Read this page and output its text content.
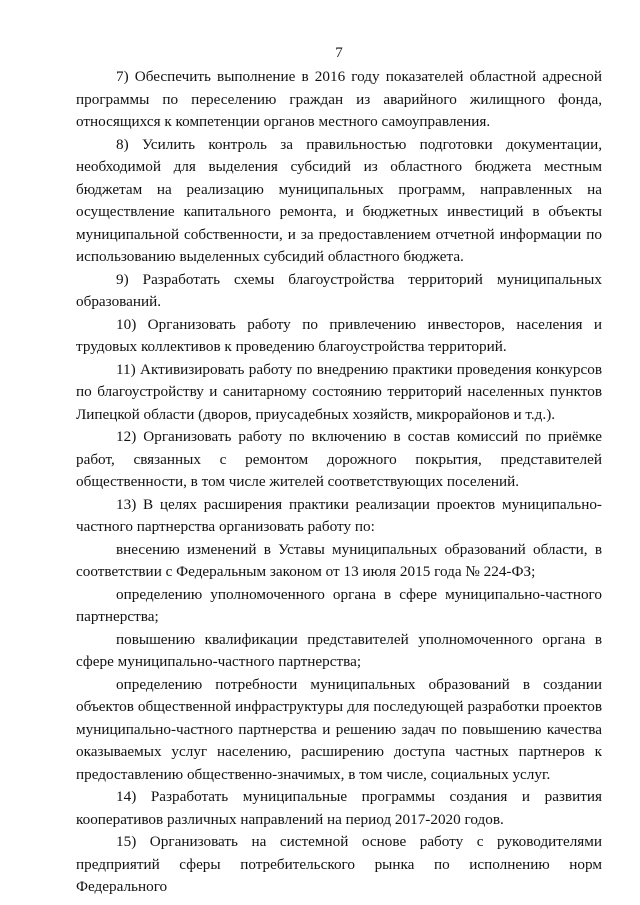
7

7) Обеспечить выполнение в 2016 году показателей областной адресной программы по переселению граждан из аварийного жилищного фонда, относящихся к компетенции органов местного самоуправления.

8) Усилить контроль за правильностью подготовки документации, необходимой для выделения субсидий из областного бюджета местным бюджетам на реализацию муниципальных программ, направленных на осуществление капитального ремонта, и бюджетных инвестиций в объекты муниципальной собственности, и за предоставлением отчетной информации по использованию выделенных субсидий областного бюджета.

9) Разработать схемы благоустройства территорий муниципальных образований.

10) Организовать работу по привлечению инвесторов, населения и трудовых коллективов к проведению благоустройства территорий.

11) Активизировать работу по внедрению практики проведения конкурсов по благоустройству и санитарному состоянию территорий населенных пунктов Липецкой области (дворов, приусадебных хозяйств, микрорайонов и т.д.).

12) Организовать работу по включению в состав комиссий по приёмке работ, связанных с ремонтом дорожного покрытия, представителей общественности, в том числе жителей соответствующих поселений.

13) В целях расширения практики реализации проектов муниципально-частного партнерства организовать работу по:

внесению изменений в Уставы муниципальных образований области, в соответствии с Федеральным законом от 13 июля 2015 года № 224-ФЗ;

определению уполномоченного органа в сфере муниципально-частного партнерства;

повышению квалификации представителей уполномоченного органа в сфере муниципально-частного партнерства;

определению потребности муниципальных образований в создании объектов общественной инфраструктуры для последующей разработки проектов муниципально-частного партнерства и решению задач по повышению качества оказываемых услуг населению, расширению доступа частных партнеров к предоставлению общественно-значимых, в том числе, социальных услуг.

14) Разработать муниципальные программы создания и развития кооперативов различных направлений на период 2017-2020 годов.

15) Организовать на системной основе работу с руководителями предприятий сферы потребительского рынка по исполнению норм Федерального
